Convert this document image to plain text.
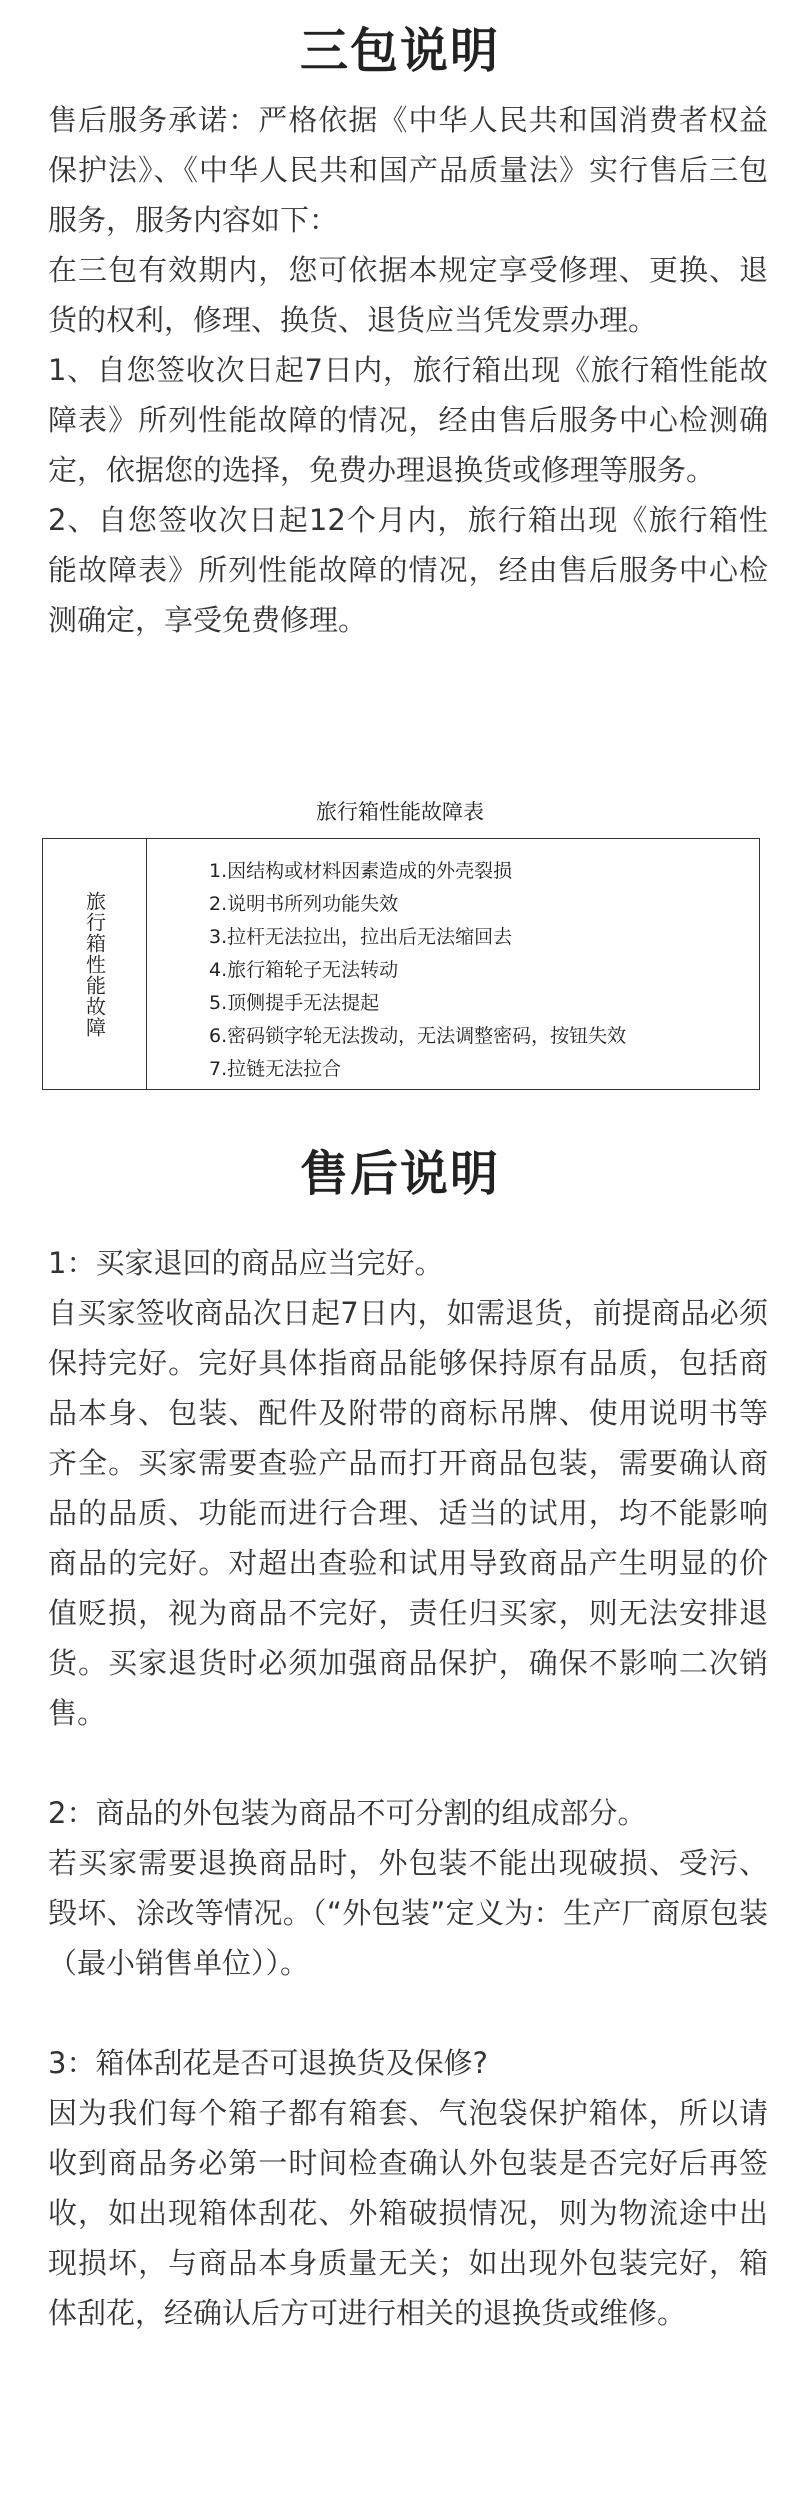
三包说明

售后服务承诺：严格依据《中华人民共和国消费者权益保护法》、《中华人民共和国产品质量法》实行售后三包服务，服务内容如下：

在三包有效期内，您可依据本规定享受修理、更换、退货的权利，修理、换货、退货应当凭发票办理。

1、自您签收次日起7日内，旅行箱出现《旅行箱性能故障表》所列性能故障的情况，经由售后服务中心检测确定，依据您的选择，免费办理退换货或修理等服务。

2、自您签收次日起12个月内，旅行箱出现《旅行箱性能故障表》所列性能故障的情况，经由售后服务中心检测确定，享受免费修理。

旅行箱性能故障表
旅行箱性能故障
1.因结构或材料因素造成的外壳裂损
2.说明书所列功能失效
3.拉杆无法拉出，拉出后无法缩回去
4.旅行箱轮子无法转动
5.顶侧提手无法提起
6.密码锁字轮无法拨动，无法调整密码，按钮失效
7.拉链无法拉合
售后说明

1：买家退回的商品应当完好。

自买家签收商品次日起7日内，如需退货，前提商品必须保持完好。完好具体指商品能够保持原有品质，包括商品本身、包装、配件及附带的商标吊牌、使用说明书等齐全。买家需要查验产品而打开商品包装，需要确认商品的品质、功能而进行合理、适当的试用，均不能影响商品的完好。对超出查验和试用导致商品产生明显的价值贬损，视为商品不完好，责任归买家，则无法安排退货。买家退货时必须加强商品保护，确保不影响二次销售。

2：商品的外包装为商品不可分割的组成部分。

若买家需要退换商品时，外包装不能出现破损、受污、毁坏、涂改等情况。（“外包装”定义为：生产厂商原包装（最小销售单位））。

3：箱体刮花是否可退换货及保修?

因为我们每个箱子都有箱套、气泡袋保护箱体，所以请收到商品务必第一时间检查确认外包装是否完好后再签收，如出现箱体刮花、外箱破损情况，则为物流途中出现损坏，与商品本身质量无关；如出现外包装完好，箱体刮花，经确认后方可进行相关的退换货或维修。
